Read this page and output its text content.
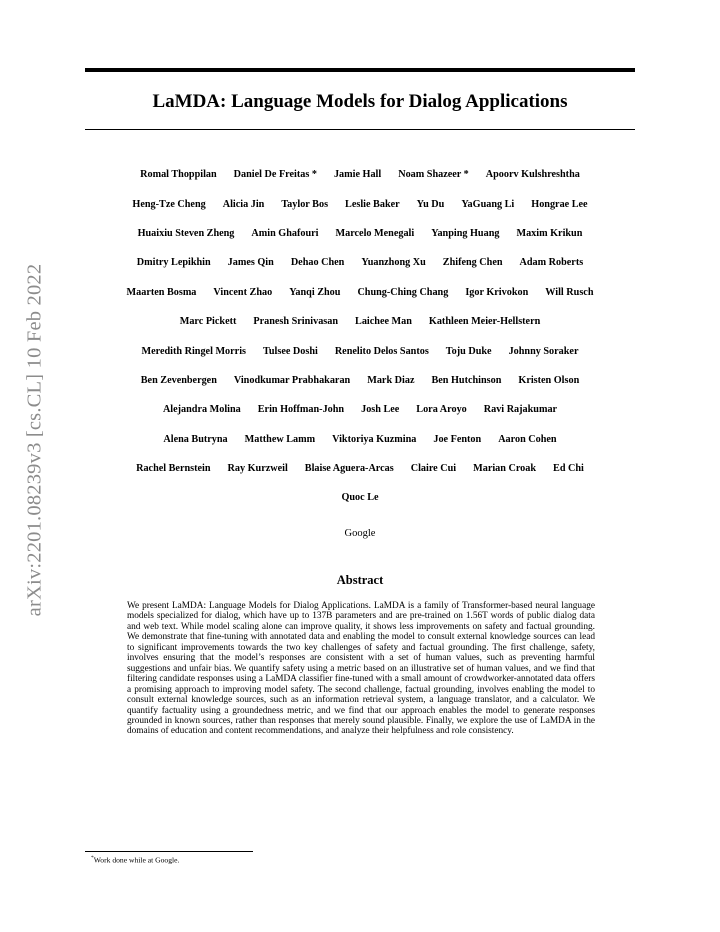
arXiv:2201.08239v3 [cs.CL] 10 Feb 2022
LaMDA: Language Models for Dialog Applications
Romal Thoppilan Daniel De Freitas * Jamie Hall Noam Shazeer * Apoorv Kulshreshtha
Heng-Tze Cheng Alicia Jin Taylor Bos Leslie Baker Yu Du YaGuang Li Hongrae Lee
Huaixiu Steven Zheng Amin Ghafouri Marcelo Menegali Yanping Huang Maxim Krikun
Dmitry Lepikhin James Qin Dehao Chen Yuanzhong Xu Zhifeng Chen Adam Roberts
Maarten Bosma Vincent Zhao Yanqi Zhou Chung-Ching Chang Igor Krivokon Will Rusch
Marc Pickett Pranesh Srinivasan Laichee Man Kathleen Meier-Hellstern
Meredith Ringel Morris Tulsee Doshi Renelito Delos Santos Toju Duke Johnny Soraker
Ben Zevenbergen Vinodkumar Prabhakaran Mark Diaz Ben Hutchinson Kristen Olson
Alejandra Molina Erin Hoffman-John Josh Lee Lora Aroyo Ravi Rajakumar
Alena Butryna Matthew Lamm Viktoriya Kuzmina Joe Fenton Aaron Cohen
Rachel Bernstein Ray Kurzweil Blaise Aguera-Arcas Claire Cui Marian Croak Ed Chi
Quoc Le
Google
Abstract
We present LaMDA: Language Models for Dialog Applications. LaMDA is a family of Transformer-based neural language models specialized for dialog, which have up to 137B parameters and are pre-trained on 1.56T words of public dialog data and web text. While model scaling alone can improve quality, it shows less improvements on safety and factual grounding. We demonstrate that fine-tuning with annotated data and enabling the model to consult external knowledge sources can lead to significant improvements towards the two key challenges of safety and factual grounding. The first challenge, safety, involves ensuring that the model’s responses are consistent with a set of human values, such as preventing harmful suggestions and unfair bias. We quantify safety using a metric based on an illustrative set of human values, and we find that filtering candidate responses using a LaMDA classifier fine-tuned with a small amount of crowdworker-annotated data offers a promising approach to improving model safety. The second challenge, factual grounding, involves enabling the model to consult external knowledge sources, such as an information retrieval system, a language translator, and a calculator. We quantify factuality using a groundedness metric, and we find that our approach enables the model to generate responses grounded in known sources, rather than responses that merely sound plausible. Finally, we explore the use of LaMDA in the domains of education and content recommendations, and analyze their helpfulness and role consistency.
*Work done while at Google.
